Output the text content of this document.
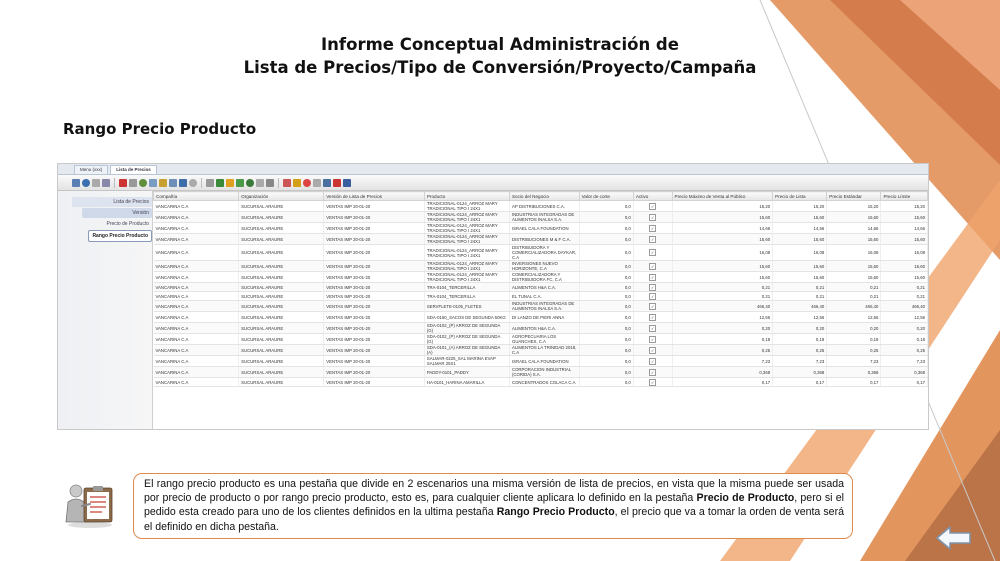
Informe Conceptual Administración de
Lista de Precios/Tipo de Conversión/Proyecto/Campaña
Rango Precio Producto
Menu (xxx)	Lista de Precios
Lista de Precios
Versión
Precio de Producto
Rango Precio Producto
Compañía	Organización	Versión de Lista de Precios	Producto	Socio del Negocio	Valor de corte	Activo	Precio Máximo de Venta al Público	Precio de Lista	Precio Estándar	Precio Límite
VANCARINA C.A	SUCURSAL ARAURE	VENTAS IMP 20-01-20	TRADICIONAL-0124_ARROZ MARY TRADICIONAL TIPO I 24X1	AP DISTRIBUCIONES C.A.	0,0	✓	15,20	15,20	15,20	15,20
VANCARINA C.A	SUCURSAL ARAURE	VENTAS IMP 20-01-20	TRADICIONAL-0124_ARROZ MARY TRADICIONAL TIPO I 24X1	INDUSTRIAS INTEGRADAS DE ALIMENTOS INALSA S.A.	0,0	✓	15,60	15,60	15,60	15,60
VANCARINA C.A	SUCURSAL ARAURE	VENTAS IMP 20-01-20	TRADICIONAL-0124_ARROZ MARY TRADICIONAL TIPO I 24X1	ISRAEL CALA FOUNDATION	0,0	✓	14,66	14,66	14,66	14,66
VANCARINA C.A	SUCURSAL ARAURE	VENTAS IMP 20-01-20	TRADICIONAL-0124_ARROZ MARY TRADICIONAL TIPO I 24X1	DISTRIBUCIONES M & F C.A.	0,0	✓	15,60	15,60	15,60	15,60
VANCARINA C.A	SUCURSAL ARAURE	VENTAS IMP 20-01-20	TRADICIONAL-0124_ARROZ MARY TRADICIONAL TIPO I 24X1	DISTRIBUIDORA Y COMERCIALIZADORA DAYKAR, C.A	0,0	✓	16,08	16,08	16,08	16,08
VANCARINA C.A	SUCURSAL ARAURE	VENTAS IMP 20-01-20	TRADICIONAL-0124_ARROZ MARY TRADICIONAL TIPO I 24X1	INVERSIONES NUEVO HORIZONTE, C.A	0,0	✓	15,60	15,60	15,60	15,60
VANCARINA C.A	SUCURSAL ARAURE	VENTAS IMP 20-01-20	TRADICIONAL-0124_ARROZ MARY TRADICIONAL TIPO I 24X1	COMERCIALIZADORA Y DISTRIBUIDORA FC, C.A	0,0	✓	15,60	15,60	15,60	15,60
VANCARINA C.A	SUCURSAL ARAURE	VENTAS IMP 20-01-20	TRA-0104_TERCERILLA	ALIMENTOS H&A C.A.	0,0	✓	0,21	0,21	0,21	0,21
VANCARINA C.A	SUCURSAL ARAURE	VENTAS IMP 20-01-20	TRA-0104_TERCERILLA	EL TUNAL C.A.	0,0	✓	0,21	0,21	0,21	0,21
VANCARINA C.A	SUCURSAL ARAURE	VENTAS IMP 20-01-20	SERVFLETE-0105_FLETES	INDUSTRIAS INTEGRADAS DE ALIMENTOS INALSA S.A.	0,0	✓	466,40	466,40	466,40	466,40
VANCARINA C.A	SUCURSAL ARAURE	VENTAS IMP 20-01-20	SDA-0150_SACOS DE SEGUNDA 50KG	DI LANZO DE PIERI ANNA	0,0	✓	12,56	12,56	12,56	12,56
VANCARINA C.A	SUCURSAL ARAURE	VENTAS IMP 20-01-20	SDA-0102_(P) ARROZ DE SEGUNDA (G)	ALIMENTOS H&A C.A.	0,0	✓	0,20	0,20	0,20	0,20
VANCARINA C.A	SUCURSAL ARAURE	VENTAS IMP 20-01-20	SDA-0102_(P) ARROZ DE SEGUNDA (G)	AGROPECUARIA LOS GUANCHES, C.A	0,0	✓	0,18	0,18	0,18	0,18
VANCARINA C.A	SUCURSAL ARAURE	VENTAS IMP 20-01-20	SDA-0101_(A) ARROZ DE SEGUNDA (A)	ALIMENTOS LA TRINIDAD 2018, C.A	0,0	✓	0,25	0,25	0,25	0,25
VANCARINA C.A	SUCURSAL ARAURE	VENTAS IMP 20-01-20	SALMAR-0225_SAL MARINA EVAP SALMAR 25X1	ISRAEL CALA FOUNDATION	0,0	✓	7,23	7,23	7,23	7,23
VANCARINA C.A	SUCURSAL ARAURE	VENTAS IMP 20-01-20	PADDY-0101_PADDY	CORPORACION INDUSTRIAL (CORIDA) S.A.	0,0	✓	0,368	0,368	0,368	0,368
VANCARINA C.A	SUCURSAL ARAURE	VENTAS IMP 20-01-20	HA-0101_HARINA AMARILLA	CONCENTRADOS COLACA C.A	0,0	✓	0,17	0,17	0,17	0,17

El rango precio producto es una pestaña que divide en 2 escenarios una misma versión de lista de precios, en vista que la misma puede ser usada por precio de producto o por rango precio producto, esto es, para cualquier cliente aplicara lo definido en la pestaña Precio de Producto, pero si el pedido esta creado para uno de los clientes definidos en la ultima pestaña Rango Precio Producto, el precio que va a tomar la orden de venta será el definido en dicha pestaña.
